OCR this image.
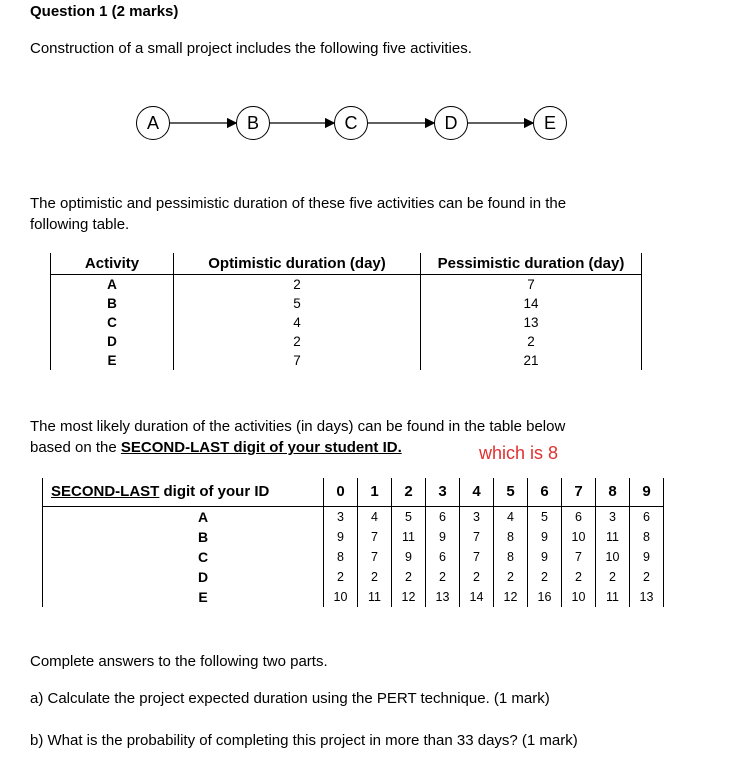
Question 1 (2 marks)
Construction of a small project includes the following five activities.
A	B	C	D	E
The optimistic and pessimistic duration of these five activities can be found in the
following table.
Activity	Optimistic duration (day)	Pessimistic duration (day)
A	2	7
B	5	14
C	4	13
D	2	2
E	7	21
The most likely duration of the activities (in days) can be found in the table below
based on the SECOND-LAST digit of your student ID.	which is 8
SECOND-LAST digit of your ID	0	1	2	3	4	5	6	7	8	9
A	3	4	5	6	3	4	5	6	3	6
B	9	7	11	9	7	8	9	10	11	8
C	8	7	9	6	7	8	9	7	10	9
D	2	2	2	2	2	2	2	2	2	2
E	10	11	12	13	14	12	16	10	11	13
Complete answers to the following two parts.
a) Calculate the project expected duration using the PERT technique. (1 mark)
b) What is the probability of completing this project in more than 33 days? (1 mark)
